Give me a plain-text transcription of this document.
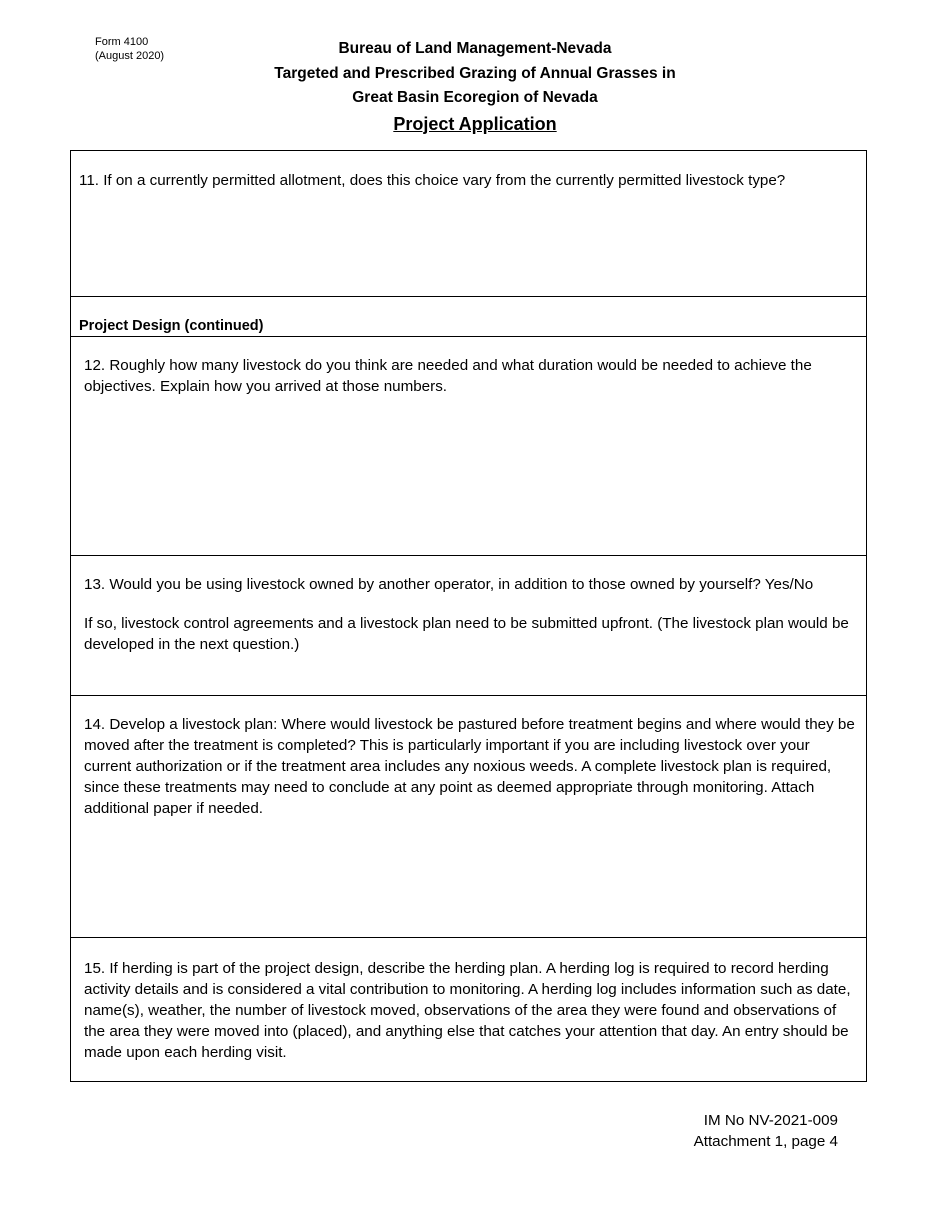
Form 4100
(August 2020)	Bureau of Land Management-Nevada
Targeted and Prescribed Grazing of Annual Grasses in
Great Basin Ecoregion of Nevada
Project Application

11. If on a currently permitted allotment, does this choice vary from the currently permitted livestock type?

Project Design (continued)

12. Roughly how many livestock do you think are needed and what duration would be needed to achieve the objectives. Explain how you arrived at those numbers.

13. Would you be using livestock owned by another operator, in addition to those owned by yourself? Yes/No

If so, livestock control agreements and a livestock plan need to be submitted upfront. (The livestock plan would be developed in the next question.)

14. Develop a livestock plan: Where would livestock be pastured before treatment begins and where would they be moved after the treatment is completed? This is particularly important if you are including livestock over your current authorization or if the treatment area includes any noxious weeds. A complete livestock plan is required, since these treatments may need to conclude at any point as deemed appropriate through monitoring. Attach additional paper if needed.

15. If herding is part of the project design, describe the herding plan. A herding log is required to record herding activity details and is considered a vital contribution to monitoring. A herding log includes information such as date, name(s), weather, the number of livestock moved, observations of the area they were found and observations of the area they were moved into (placed), and anything else that catches your attention that day. An entry should be made upon each herding visit.

IM No NV-2021-009
Attachment 1, page 4
